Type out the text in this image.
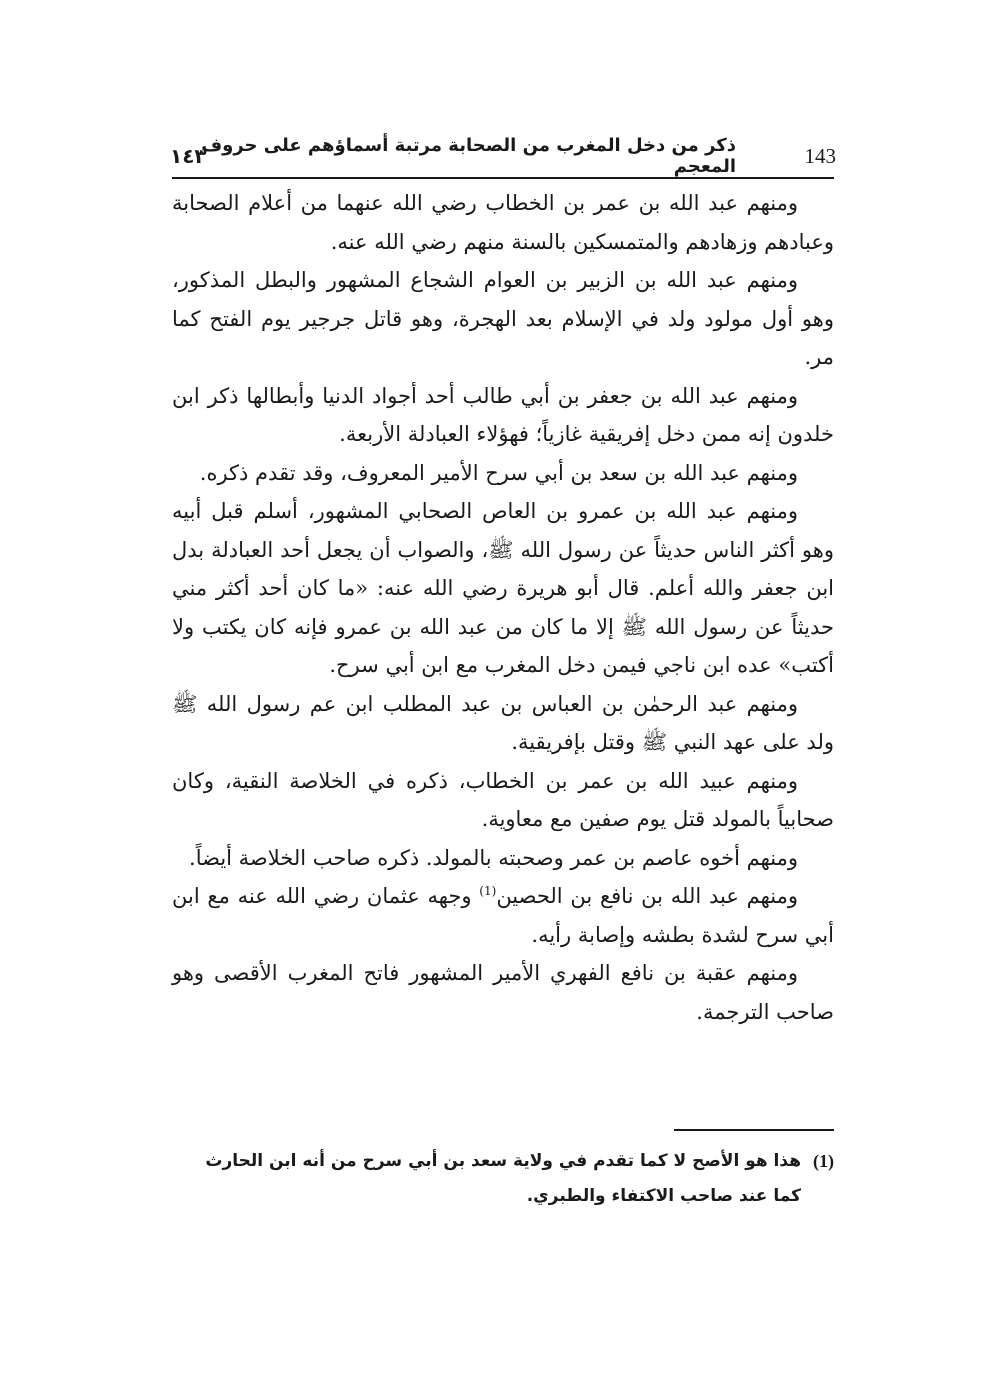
١٤٣
ذكر من دخل المغرب من الصحابة مرتبة أسماؤهم على حروف المعجم	143

ومنهم عبد الله بن عمر بن الخطاب رضي الله عنهما من أعلام الصحابة وعبادهم وزهادهم والمتمسكين بالسنة منهم رضي الله عنه.

ومنهم عبد الله بن الزبير بن العوام الشجاع المشهور والبطل المذكور، وهو أول مولود ولد في الإسلام بعد الهجرة، وهو قاتل جرجير يوم الفتح كما مر.

ومنهم عبد الله بن جعفر بن أبي طالب أحد أجواد الدنيا وأبطالها ذكر ابن خلدون إنه ممن دخل إفريقية غازياً؛ فهؤلاء العبادلة الأربعة.

ومنهم عبد الله بن سعد بن أبي سرح الأمير المعروف، وقد تقدم ذكره.

ومنهم عبد الله بن عمرو بن العاص الصحابي المشهور، أسلم قبل أبيه وهو أكثر الناس حديثاً عن رسول الله ﷺ، والصواب أن يجعل أحد العبادلة بدل ابن جعفر والله أعلم. قال أبو هريرة رضي الله عنه: «ما كان أحد أكثر مني حديثاً عن رسول الله ﷺ إلا ما كان من عبد الله بن عمرو فإنه كان يكتب ولا أكتب» عده ابن ناجي فيمن دخل المغرب مع ابن أبي سرح.

ومنهم عبد الرحمٰن بن العباس بن عبد المطلب ابن عم رسول الله ﷺ ولد على عهد النبي ﷺ وقتل بإفريقية.

ومنهم عبيد الله بن عمر بن الخطاب، ذكره في الخلاصة النقية، وكان صحابياً بالمولد قتل يوم صفين مع معاوية.

ومنهم أخوه عاصم بن عمر وصحبته بالمولد. ذكره صاحب الخلاصة أيضاً.

ومنهم عبد الله بن نافع بن الحصين$^{(1)}$ وجهه عثمان رضي الله عنه مع ابن أبي سرح لشدة بطشه وإصابة رأيه.

ومنهم عقبة بن نافع الفهري الأمير المشهور فاتح المغرب الأقصى وهو صاحب الترجمة.

(1)
هذا هو الأصح لا كما تقدم في ولاية سعد بن أبي سرح من أنه ابن الحارث كما عند صاحب الاكتفاء والطبري.
